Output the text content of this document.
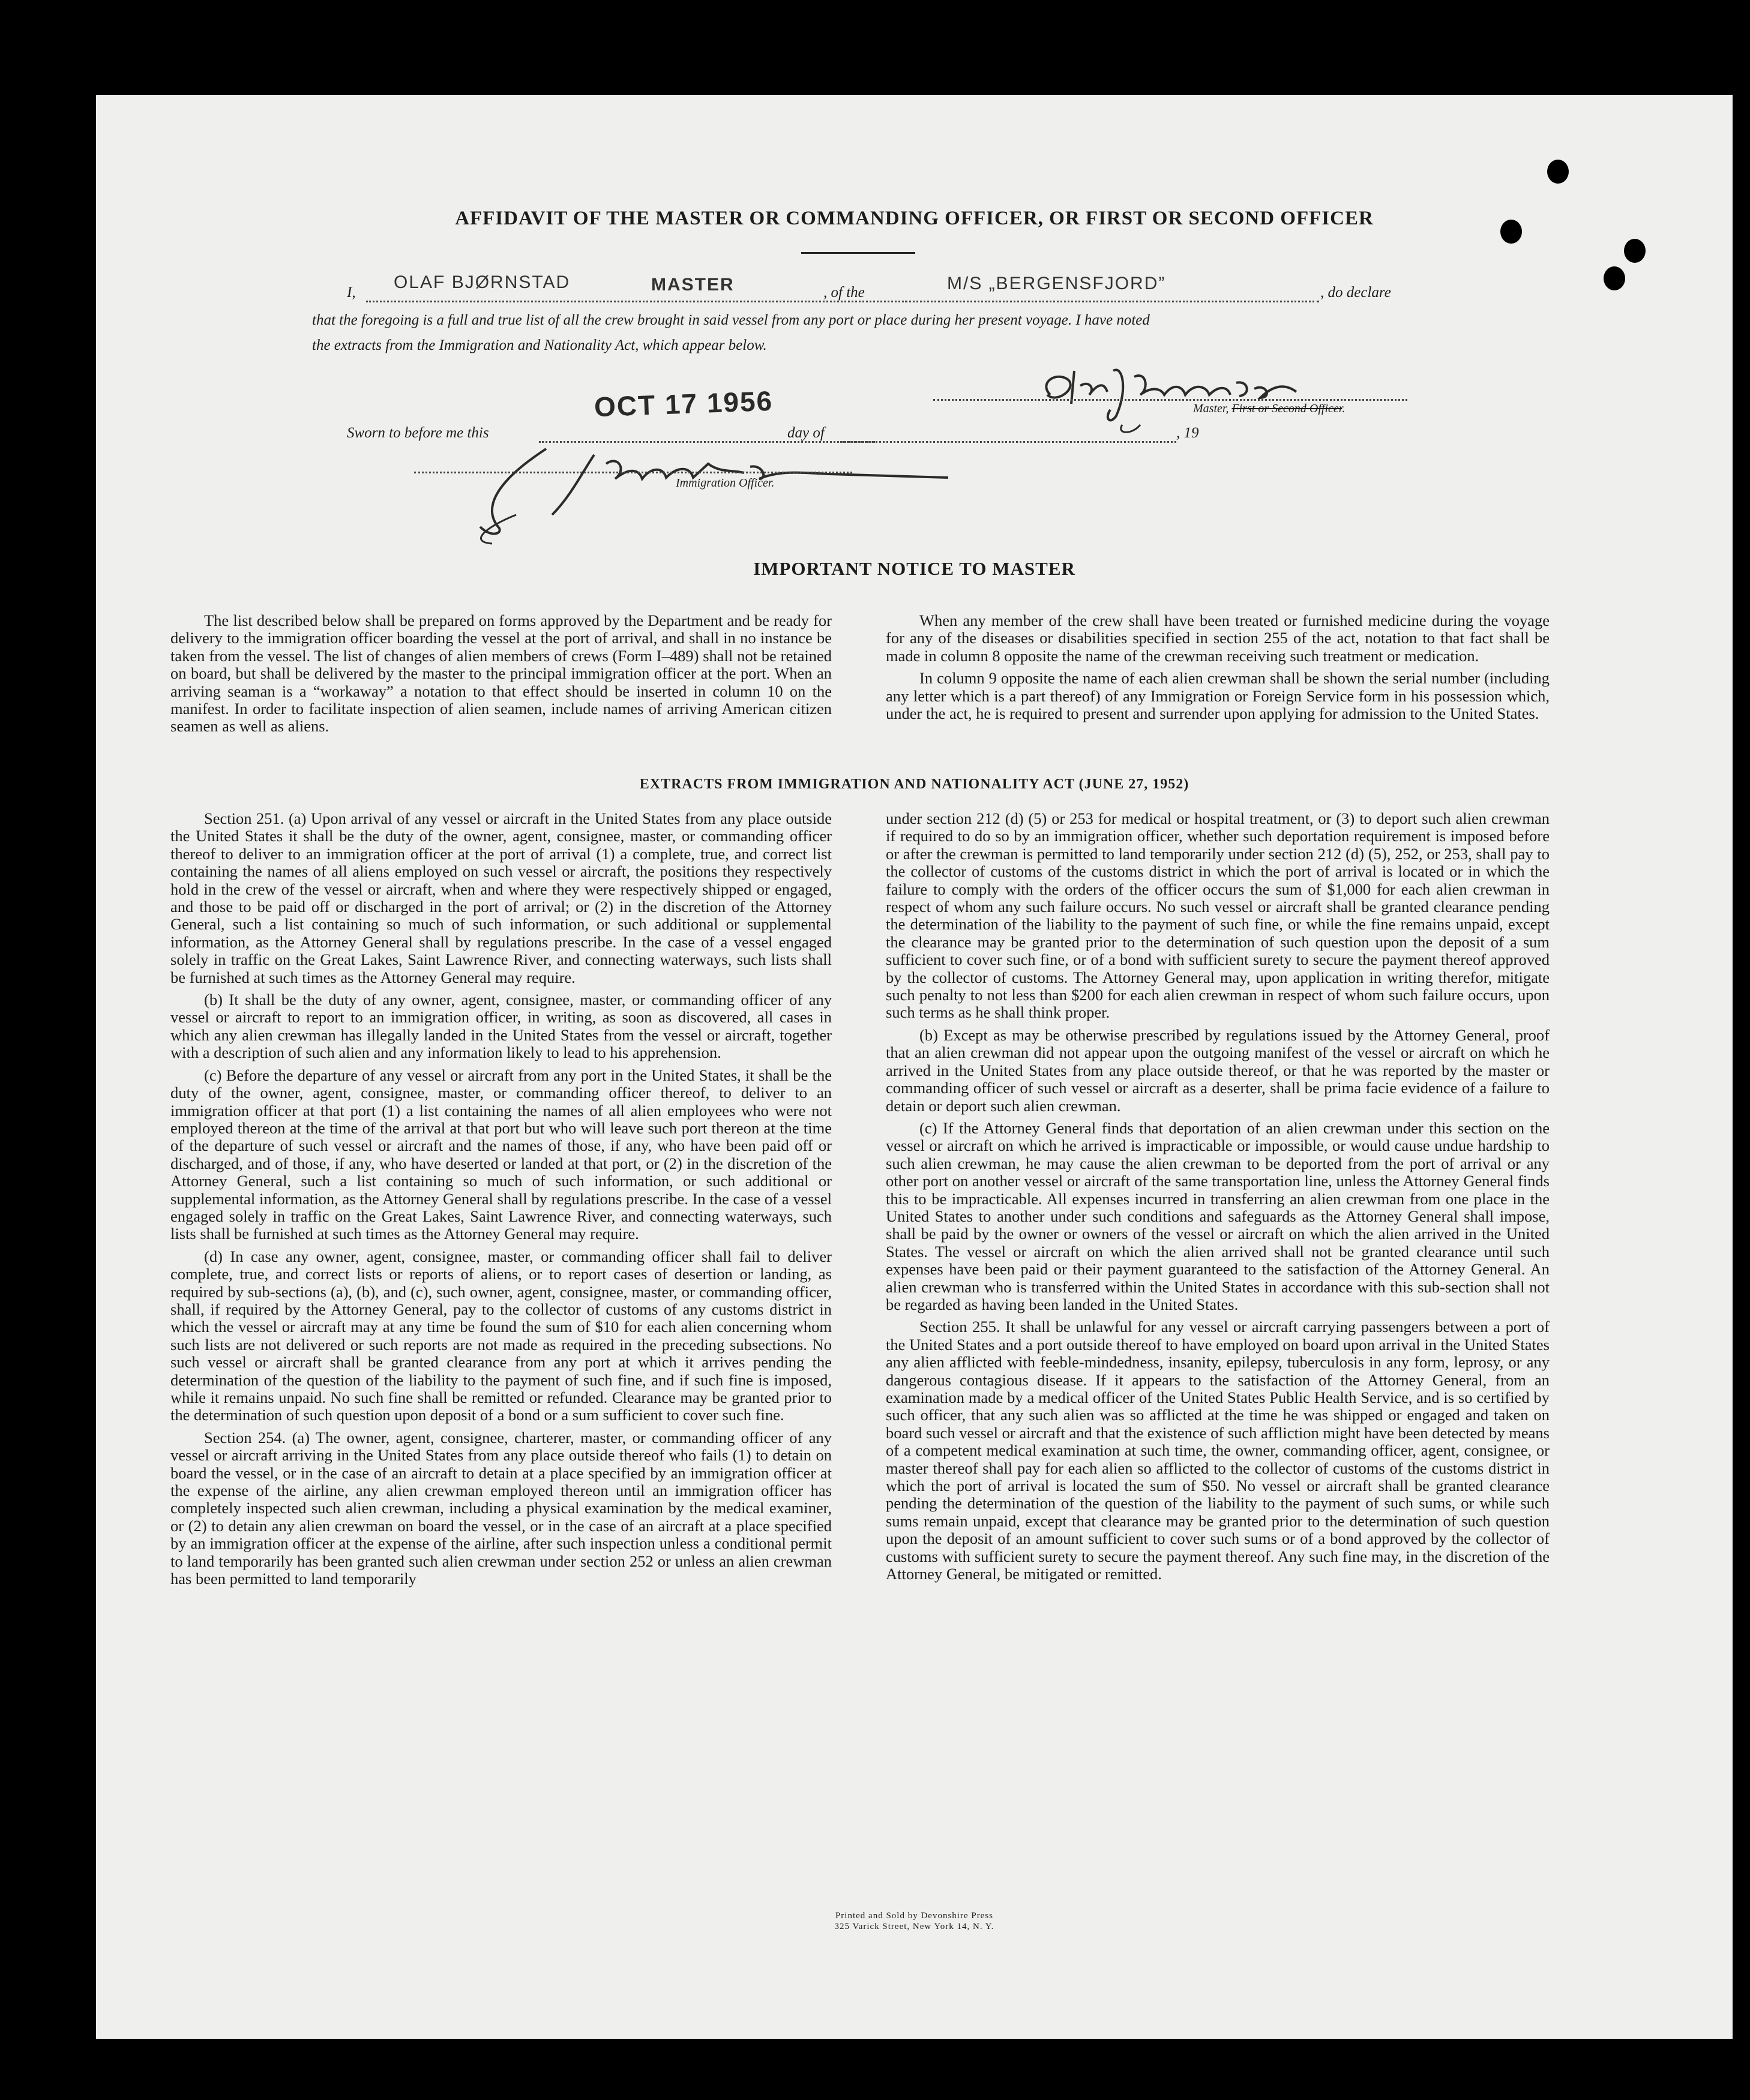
AFFIDAVIT OF THE MASTER OR COMMANDING OFFICER, OR FIRST OR SECOND OFFICER
I,
OLAF BJØRNSTAD	MASTER	, of the	M/S „BERGENSFJORD”	, do declare
that the foregoing is a full and true list of all the crew brought in said vessel from any port or place during her present voyage. I have noted
the extracts from the Immigration and Nationality Act, which appear below.
Master, First or Second Officer.
Sworn to before me this
OCT 17 1956
day of	, 19
Immigration Officer.
IMPORTANT NOTICE TO MASTER

The list described below shall be prepared on forms approved by the Department and be ready for delivery to the immigration officer boarding the vessel at the port of arrival, and shall in no instance be taken from the vessel. The list of changes of alien members of crews (Form I–489) shall not be retained on board, but shall be delivered by the master to the principal immigration officer at the port. When an arriving seaman is a “workaway” a notation to that effect should be inserted in column 10 on the manifest. In order to facilitate inspection of alien seamen, include names of arriving American citizen seamen as well as aliens.

When any member of the crew shall have been treated or furnished medicine during the voyage for any of the diseases or disabilities specified in section 255 of the act, notation to that fact shall be made in column 8 opposite the name of the crewman receiving such treatment or medication.

In column 9 opposite the name of each alien crewman shall be shown the serial number (including any letter which is a part thereof) of any Immigration or Foreign Service form in his possession which, under the act, he is required to present and surrender upon applying for admission to the United States.

EXTRACTS FROM IMMIGRATION AND NATIONALITY ACT (JUNE 27, 1952)

Section 251. (a) Upon arrival of any vessel or aircraft in the United States from any place outside the United States it shall be the duty of the owner, agent, consignee, master, or commanding officer thereof to deliver to an immigration officer at the port of arrival (1) a complete, true, and correct list containing the names of all aliens employed on such vessel or aircraft, the positions they respectively hold in the crew of the vessel or aircraft, when and where they were respectively shipped or engaged, and those to be paid off or discharged in the port of arrival; or (2) in the discretion of the Attorney General, such a list containing so much of such information, or such additional or supplemental information, as the Attorney General shall by regulations prescribe. In the case of a vessel engaged solely in traffic on the Great Lakes, Saint Lawrence River, and connecting waterways, such lists shall be furnished at such times as the Attorney General may require.

(b) It shall be the duty of any owner, agent, consignee, master, or commanding officer of any vessel or aircraft to report to an immigration officer, in writing, as soon as discovered, all cases in which any alien crewman has illegally landed in the United States from the vessel or aircraft, together with a description of such alien and any information likely to lead to his apprehension.

(c) Before the departure of any vessel or aircraft from any port in the United States, it shall be the duty of the owner, agent, consignee, master, or commanding officer thereof, to deliver to an immigration officer at that port (1) a list containing the names of all alien employees who were not employed thereon at the time of the arrival at that port but who will leave such port thereon at the time of the departure of such vessel or aircraft and the names of those, if any, who have been paid off or discharged, and of those, if any, who have deserted or landed at that port, or (2) in the discretion of the Attorney General, such a list containing so much of such information, or such additional or supplemental information, as the Attorney General shall by regulations prescribe. In the case of a vessel engaged solely in traffic on the Great Lakes, Saint Lawrence River, and connecting waterways, such lists shall be furnished at such times as the Attorney General may require.

(d) In case any owner, agent, consignee, master, or commanding officer shall fail to deliver complete, true, and correct lists or reports of aliens, or to report cases of desertion or landing, as required by sub-sections (a), (b), and (c), such owner, agent, consignee, master, or commanding officer, shall, if required by the Attorney General, pay to the collector of customs of any customs district in which the vessel or aircraft may at any time be found the sum of $10 for each alien concerning whom such lists are not delivered or such reports are not made as required in the preceding subsections. No such vessel or aircraft shall be granted clearance from any port at which it arrives pending the determination of the question of the liability to the payment of such fine, and if such fine is imposed, while it remains unpaid. No such fine shall be remitted or refunded. Clearance may be granted prior to the determination of such question upon deposit of a bond or a sum sufficient to cover such fine.

Section 254. (a) The owner, agent, consignee, charterer, master, or commanding officer of any vessel or aircraft arriving in the United States from any place outside thereof who fails (1) to detain on board the vessel, or in the case of an aircraft to detain at a place specified by an immigration officer at the expense of the airline, any alien crewman employed thereon until an immigration officer has completely inspected such alien crewman, including a physical examination by the medical examiner, or (2) to detain any alien crewman on board the vessel, or in the case of an aircraft at a place specified by an immigration officer at the expense of the airline, after such inspection unless a conditional permit to land temporarily has been granted such alien crewman under section 252 or unless an alien crewman has been permitted to land temporarily

under section 212 (d) (5) or 253 for medical or hospital treatment, or (3) to deport such alien crewman if required to do so by an immigration officer, whether such deportation requirement is imposed before or after the crewman is permitted to land temporarily under section 212 (d) (5), 252, or 253, shall pay to the collector of customs of the customs district in which the port of arrival is located or in which the failure to comply with the orders of the officer occurs the sum of $1,000 for each alien crewman in respect of whom any such failure occurs. No such vessel or aircraft shall be granted clearance pending the determination of the liability to the payment of such fine, or while the fine remains unpaid, except the clearance may be granted prior to the determination of such question upon the deposit of a sum sufficient to cover such fine, or of a bond with sufficient surety to secure the payment thereof approved by the collector of customs. The Attorney General may, upon application in writing therefor, mitigate such penalty to not less than $200 for each alien crewman in respect of whom such failure occurs, upon such terms as he shall think proper.

(b) Except as may be otherwise prescribed by regulations issued by the Attorney General, proof that an alien crewman did not appear upon the outgoing manifest of the vessel or aircraft on which he arrived in the United States from any place outside thereof, or that he was reported by the master or commanding officer of such vessel or aircraft as a deserter, shall be prima facie evidence of a failure to detain or deport such alien crewman.

(c) If the Attorney General finds that deportation of an alien crewman under this section on the vessel or aircraft on which he arrived is impracticable or impossible, or would cause undue hardship to such alien crewman, he may cause the alien crewman to be deported from the port of arrival or any other port on another vessel or aircraft of the same transportation line, unless the Attorney General finds this to be impracticable. All expenses incurred in transferring an alien crewman from one place in the United States to another under such conditions and safeguards as the Attorney General shall impose, shall be paid by the owner or owners of the vessel or aircraft on which the alien arrived in the United States. The vessel or aircraft on which the alien arrived shall not be granted clearance until such expenses have been paid or their payment guaranteed to the satisfaction of the Attorney General. An alien crewman who is transferred within the United States in accordance with this sub-section shall not be regarded as having been landed in the United States.

Section 255. It shall be unlawful for any vessel or aircraft carrying passengers between a port of the United States and a port outside thereof to have employed on board upon arrival in the United States any alien afflicted with feeble-mindedness, insanity, epilepsy, tuberculosis in any form, leprosy, or any dangerous contagious disease. If it appears to the satisfaction of the Attorney General, from an examination made by a medical officer of the United States Public Health Service, and is so certified by such officer, that any such alien was so afflicted at the time he was shipped or engaged and taken on board such vessel or aircraft and that the existence of such affliction might have been detected by means of a competent medical examination at such time, the owner, commanding officer, agent, consignee, or master thereof shall pay for each alien so afflicted to the collector of customs of the customs district in which the port of arrival is located the sum of $50. No vessel or aircraft shall be granted clearance pending the determination of the question of the liability to the payment of such sums, or while such sums remain unpaid, except that clearance may be granted prior to the determination of such question upon the deposit of an amount sufficient to cover such sums or of a bond approved by the collector of customs with sufficient surety to secure the payment thereof. Any such fine may, in the discretion of the Attorney General, be mitigated or remitted.

Printed and Sold by Devonshire Press
325 Varick Street, New York 14, N. Y.
